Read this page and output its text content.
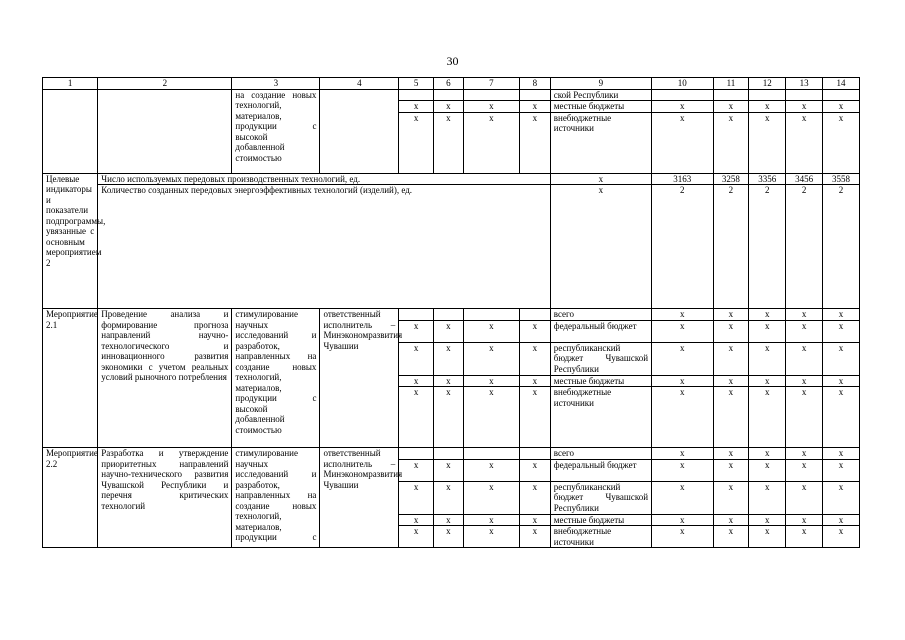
30
1	2	3	4	5	6	7	8	9	10	11	12	13	14
		на создание новых технологий, материалов, продукции с высокой добавленной стоимостью						ской Республики					
				х	х	х	х	местные бюджеты	х	х	х	х	х
				х	х	х	х	внебюджетные источники	х	х	х	х	х
Целевые индикаторы и показатели подпрограммы, увязанные с основным мероприятием 2	Число используемых передовых производственных технологий, ед.							х	3163	3258	3356	3456	3558
	Количество созданных передовых энергоэффективных технологий (изделий), ед.							х	2	2	2	2	2
Мероприятие 2.1	Проведение анализа и формирование прогноза направлений научно-технологического и инновационного развития экономики с учетом реальных условий рыночного потребления	стимулирование научных исследований и разработок, направленных на создание новых технологий, материалов, продукции с высокой добавленной стоимостью	ответственный исполнитель – Минэкономразвития Чувашии					всего	х	х	х	х	х
				х	х	х	х	федеральный бюджет	х	х	х	х	х
				х	х	х	х	республиканский бюджет Чувашской Республики	х	х	х	х	х
				х	х	х	х	местные бюджеты	х	х	х	х	х
				х	х	х	х	внебюджетные источники	х	х	х	х	х
Мероприятие 2.2	Разработка и утверждение приоритетных направлений научно-технического развития Чувашской Республики и перечня критических технологий	стимулирование научных исследований и разработок, направленных на создание новых технологий, материалов, продукции с	ответственный исполнитель – Минэкономразвития Чувашии					всего	х	х	х	х	х
				х	х	х	х	федеральный бюджет	х	х	х	х	х
				х	х	х	х	республиканский бюджет Чувашской Республики	х	х	х	х	х
				х	х	х	х	местные бюджеты	х	х	х	х	х
				х	х	х	х	внебюджетные источники	х	х	х	х	х
